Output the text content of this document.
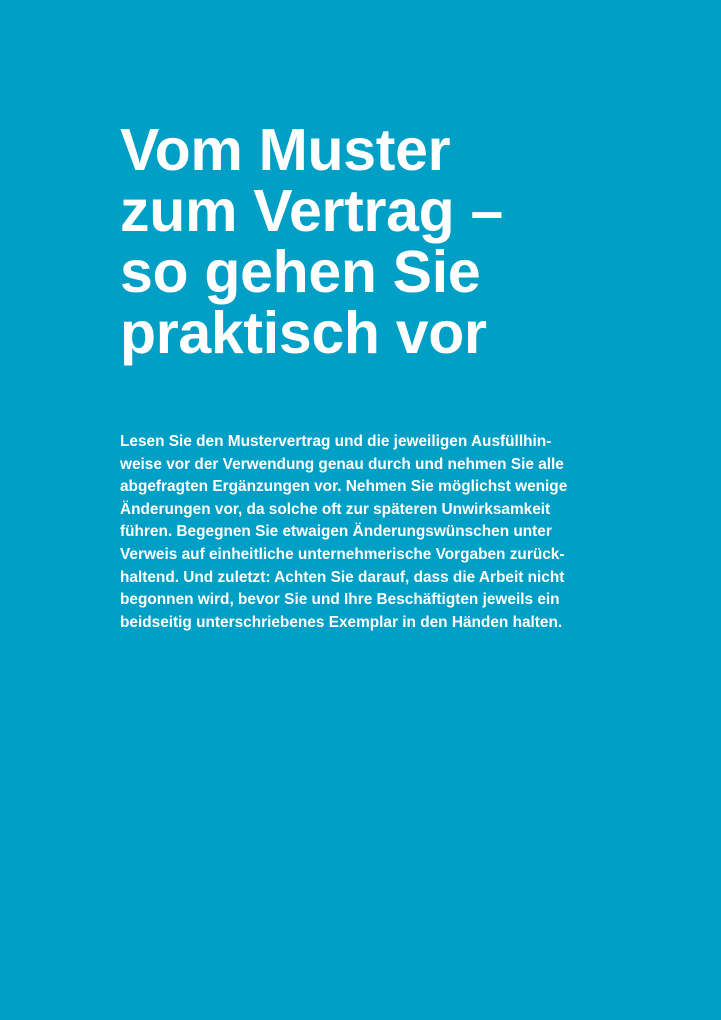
Vom Muster
zum Vertrag –
so gehen Sie
praktisch vor

Lesen Sie den Mustervertrag und die jeweiligen Ausfüllhin-
weise vor der Verwendung genau durch und nehmen Sie alle
abgefragten Ergänzungen vor. Nehmen Sie möglichst wenige
Änderungen vor, da solche oft zur späteren Unwirksamkeit
führen. Begegnen Sie etwaigen Änderungswünschen unter
Verweis auf einheitliche unternehmerische Vorgaben zurück-
haltend. Und zuletzt: Achten Sie darauf, dass die Arbeit nicht
begonnen wird, bevor Sie und Ihre Beschäftigten jeweils ein
beidseitig unterschriebenes Exemplar in den Händen halten.
